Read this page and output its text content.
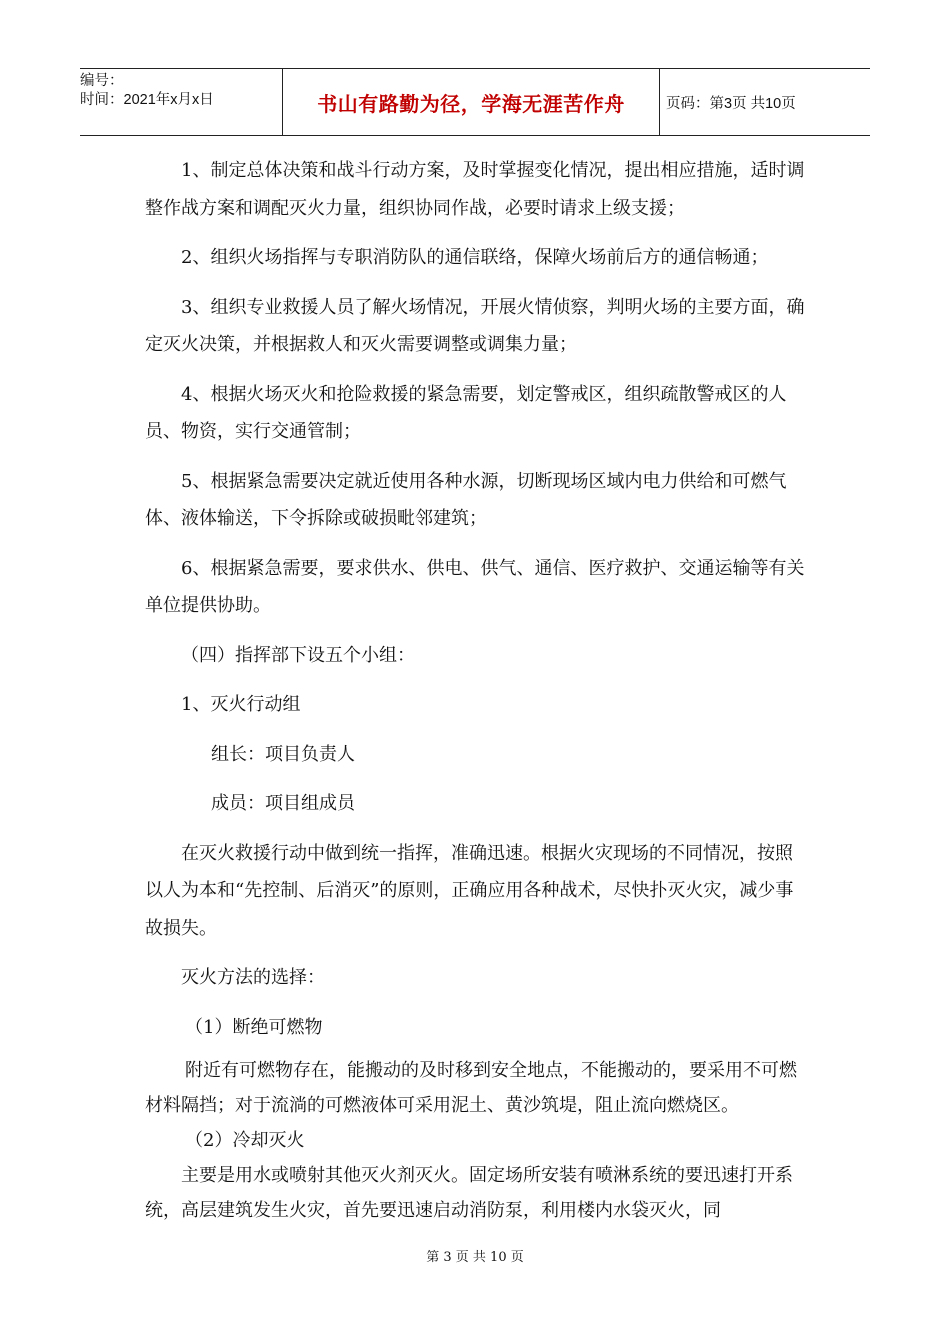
编号：
时间：2021年x月x日	书山有路勤为径，学海无涯苦作舟	页码：第3页 共10页

1、制定总体决策和战斗行动方案，及时掌握变化情况，提出相应措施，适时调整作战方案和调配灭火力量，组织协同作战，必要时请求上级支援；

2、组织火场指挥与专职消防队的通信联络，保障火场前后方的通信畅通；

3、组织专业救援人员了解火场情况，开展火情侦察，判明火场的主要方面，确定灭火决策，并根据救人和灭火需要调整或调集力量；

4、根据火场灭火和抢险救援的紧急需要，划定警戒区，组织疏散警戒区的人员、物资，实行交通管制；

5、根据紧急需要决定就近使用各种水源，切断现场区域内电力供给和可燃气体、液体输送，下令拆除或破损毗邻建筑；

6、根据紧急需要，要求供水、供电、供气、通信、医疗救护、交通运输等有关单位提供协助。

（四）指挥部下设五个小组：

1、灭火行动组

组长：项目负责人

成员：项目组成员

在灭火救援行动中做到统一指挥，准确迅速。根据火灾现场的不同情况，按照以人为本和“先控制、后消灭”的原则，正确应用各种战术，尽快扑灭火灾，减少事故损失。

灭火方法的选择：

（1）断绝可燃物

附近有可燃物存在，能搬动的及时移到安全地点，不能搬动的，要采用不可燃材料隔挡；对于流淌的可燃液体可采用泥土、黄沙筑堤，阻止流向燃烧区。

（2）冷却灭火

主要是用水或喷射其他灭火剂灭火。固定场所安装有喷淋系统的要迅速打开系统，高层建筑发生火灾，首先要迅速启动消防泵，利用楼内水袋灭火，同

第 3 页 共 10 页
